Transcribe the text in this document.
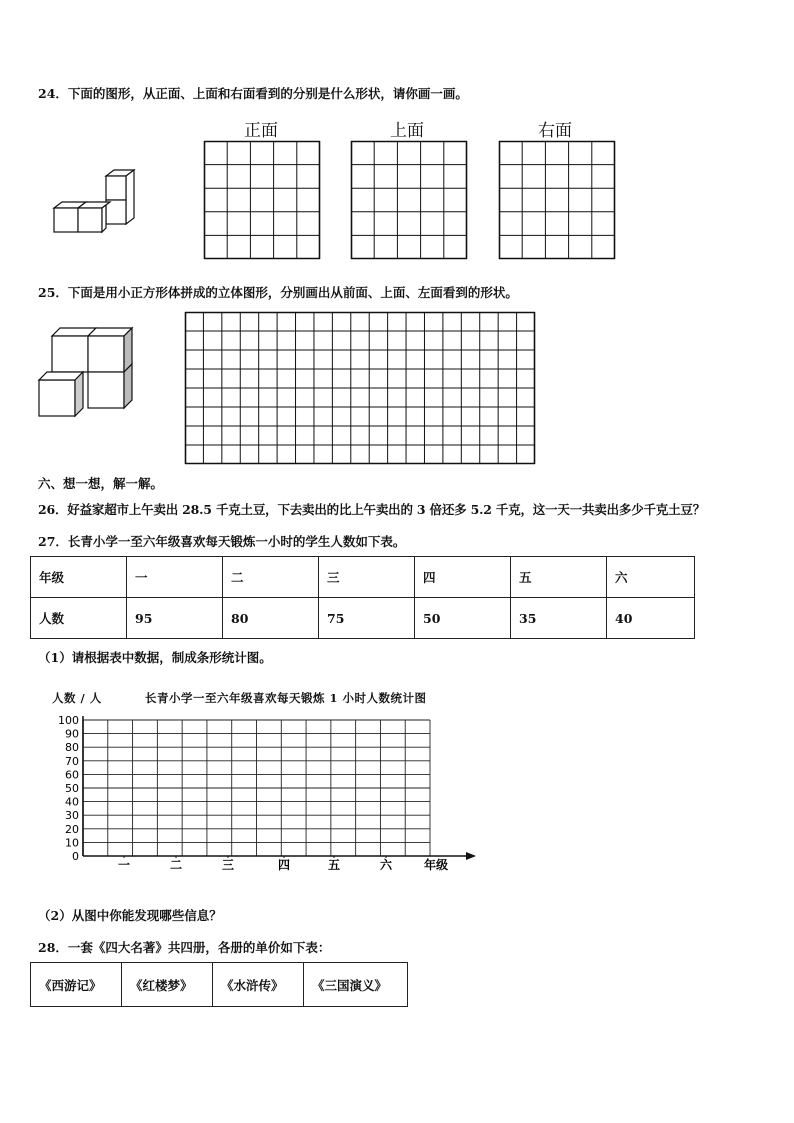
24．下面的图形，从正面、上面和右面看到的分别是什么形状，请你画一画。
正面	上面	右面
25．下面是用小正方形体拼成的立体图形，分别画出从前面、上面、左面看到的形状。
六、想一想，解一解。
26．好益家超市上午卖出 28.5 千克土豆，下去卖出的比上午卖出的 3 倍还多 5.2 千克，这一天一共卖出多少千克土豆？
27．长青小学一至六年级喜欢每天锻炼一小时的学生人数如下表。
年级	一	二	三	四	五	六
人数	95	80	75	50	35	40
（1）请根据表中数据，制成条形统计图。
人数 / 人	长青小学一至六年级喜欢每天锻炼 1 小时人数统计图
0
10
20
30
40
50
60
70
80
90
100
一	二	三	四	五	六	年级
（2）从图中你能发现哪些信息？
28．一套《四大名著》共四册，各册的单价如下表：
《西游记》	《红楼梦》	《水浒传》	《三国演义》
